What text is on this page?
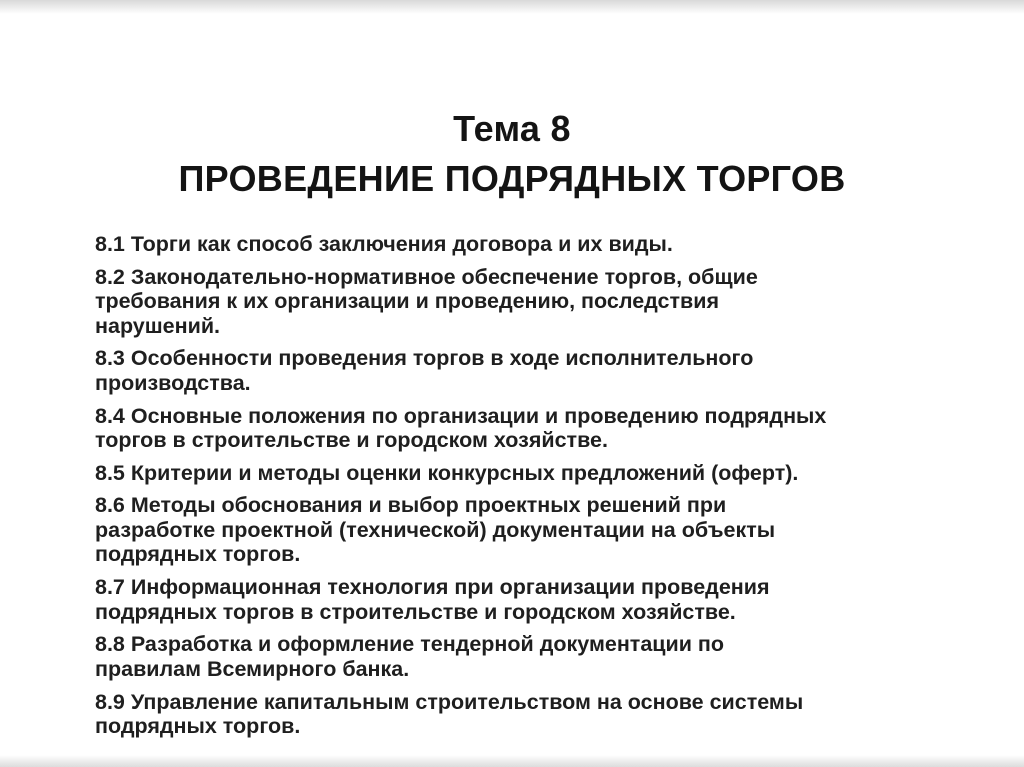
Тема 8
ПРОВЕДЕНИЕ ПОДРЯДНЫХ ТОРГОВ
8.1 Торги как способ заключения договора и их виды.
8.2 Законодательно-нормативное обеспечение торгов, общие
требования к их организации и проведению, последствия
нарушений.
8.3 Особенности проведения торгов в ходе исполнительного
производства.
8.4 Основные положения по организации и проведению подрядных
торгов в строительстве и городском хозяйстве.
8.5 Критерии и методы оценки конкурсных предложений (оферт).
8.6 Методы обоснования и выбор проектных решений при
разработке проектной (технической) документации на объекты
подрядных торгов.
8.7 Информационная технология при организации проведения
подрядных торгов в строительстве и городском хозяйстве.
8.8 Разработка и оформление тендерной документации по
правилам Всемирного банка.
8.9 Управление капитальным строительством на основе системы
подрядных торгов.
